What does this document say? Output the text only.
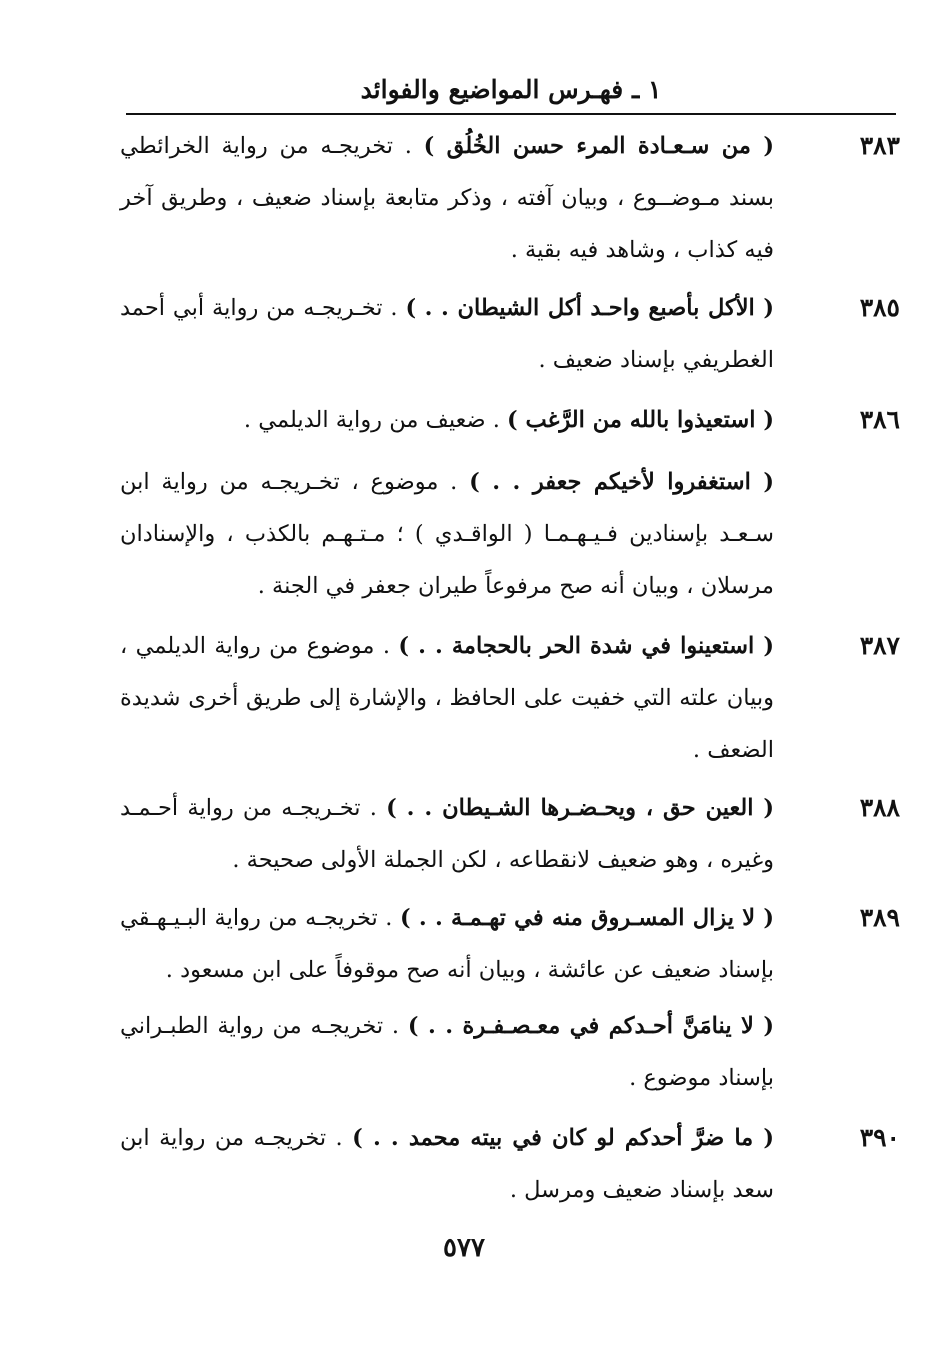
١ ـ فهـرس المواضيع والفوائد
٣٨٣
( من سـعـادة المرء حسن الخُلُق ) . تخريجـه من رواية الخرائطي بسند مـوضــوع ، وبيان آفته ، وذكر متابعة بإسناد ضعيف ، وطريق آخر فيه كذاب ، وشاهد فيه بقية .
٣٨٥
( الأكل بأصبع واحـد أكل الشيطان . . ) . تخـريجـه من رواية أبي أحمد الغطريفي بإسناد ضعيف .
٣٨٦
( استعيذوا بالله من الرَّغب ) . ضعيف من رواية الديلمي .
( استغفروا لأخيكم جعفر . . ) . موضوع ، تخـريجـه من رواية ابن سـعـد بإسنادين فـيـهـمـا ( الواقـدي ) ؛ مـتـهـم بالكذب ، والإسنادان مرسلان ، وبيان أنه صح مرفوعاً طيران جعفر في الجنة .
٣٨٧
( استعينوا في شدة الحر بالحجامة . . ) . موضوع من رواية الديلمي ، وبيان علته التي خفيت على الحافظ ، والإشارة إلى طريق أخرى شديدة الضعف .
٣٨٨
( العين حق ، ويحـضـرها الشـيطان . . ) . تخـريجـه من رواية أحـمـد وغيره ، وهو ضعيف لانقطاعه ، لكن الجملة الأولى صحيحة .
٣٨٩
( لا يزال المسـروق منه في تهـمـة . . ) . تخريجـه من رواية البـيـهـقي بإسناد ضعيف عن عائشة ، وبيان أنه صح موقوفاً على ابن مسعود .
( لا ينامَنَّ أحـدكم في معـصـفـرة . . ) . تخريجـه من رواية الطبـراني بإسناد موضوع .
٣٩٠
( ما ضرَّ أحدكم لو كان في بيته محمد . . ) . تخريجـه من رواية ابن سعد بإسناد ضعيف ومرسل .
٥٧٧
